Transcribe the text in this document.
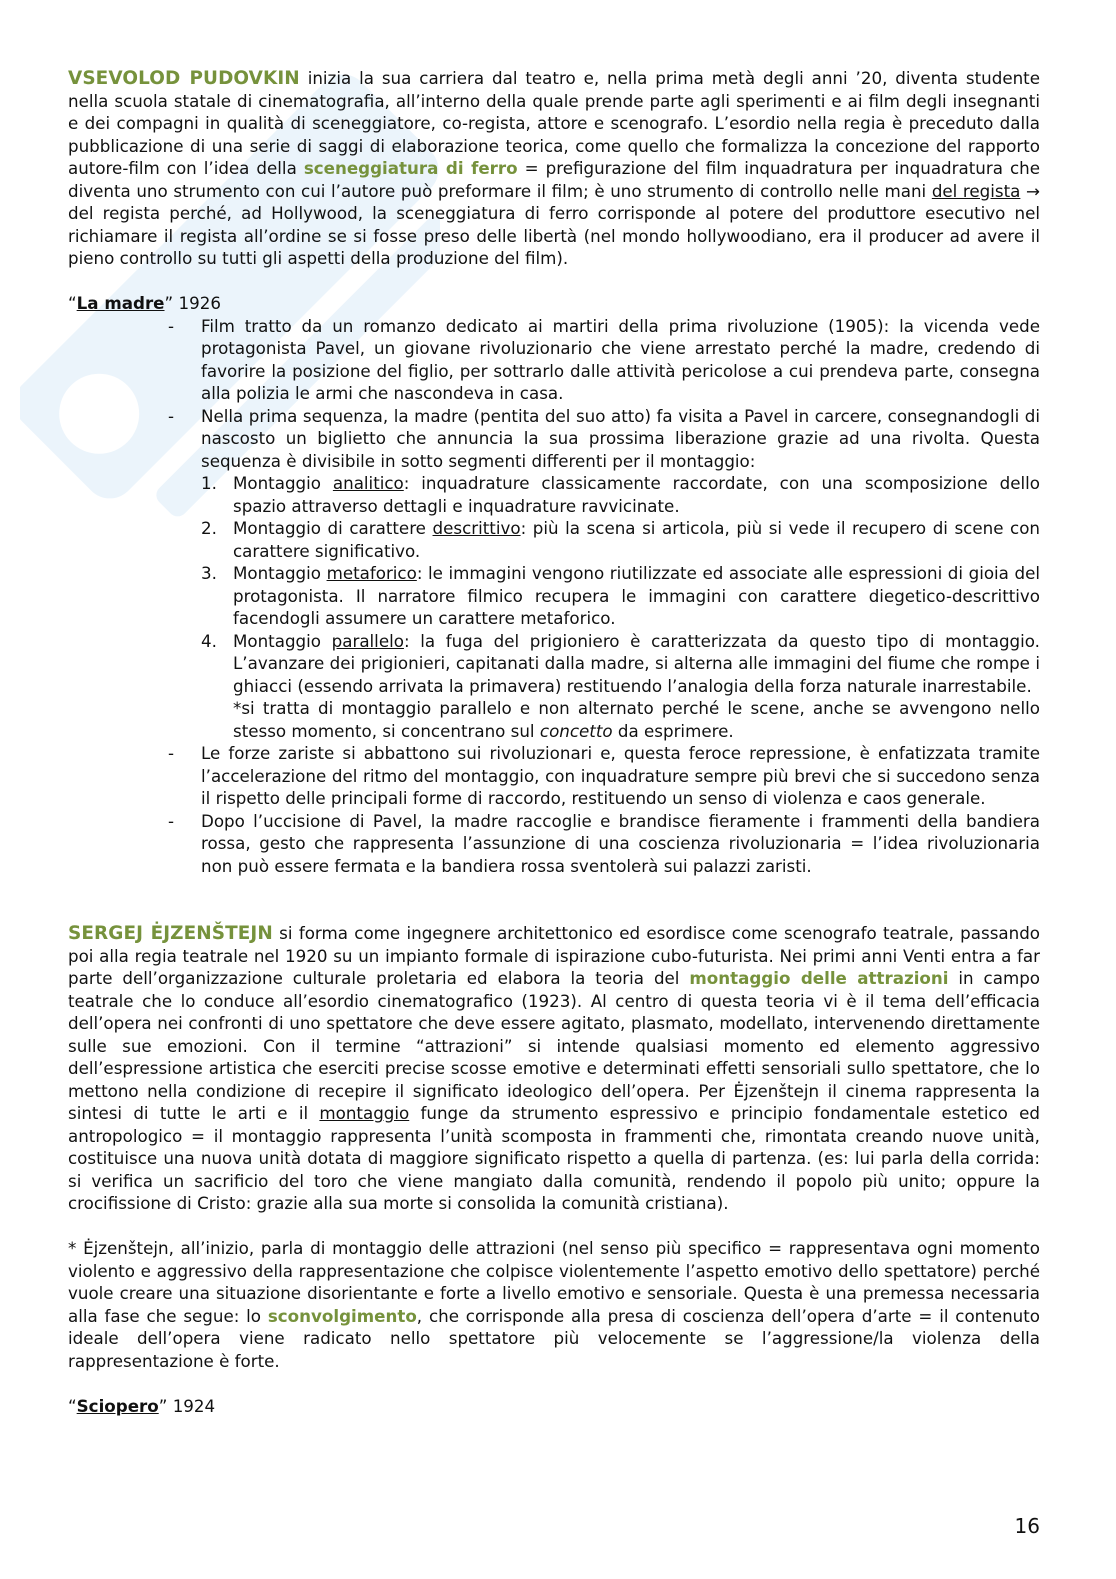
VSEVOLOD PUDOVKIN inizia la sua carriera dal teatro e, nella prima metà degli anni ’20, diventa studente nella scuola statale di cinematografia, all’interno della quale prende parte agli sperimenti e ai film degli insegnanti e dei compagni in qualità di sceneggiatore, co-regista, attore e scenografo. L’esordio nella regia è preceduto dalla pubblicazione di una serie di saggi di elaborazione teorica, come quello che formalizza la concezione del rapporto autore-film con l’idea della sceneggiatura di ferro = prefigurazione del film inquadratura per inquadratura che diventa uno strumento con cui l’autore può preformare il film; è uno strumento di controllo nelle mani del regista → del regista perché, ad Hollywood, la sceneggiatura di ferro corrisponde al potere del produttore esecutivo nel richiamare il regista all’ordine se si fosse preso delle libertà (nel mondo hollywoodiano, era il producer ad avere il pieno controllo su tutti gli aspetti della produzione del film).

“La madre” 1926

- Film tratto da un romanzo dedicato ai martiri della prima rivoluzione (1905): la vicenda vede protagonista Pavel, un giovane rivoluzionario che viene arrestato perché la madre, credendo di favorire la posizione del figlio, per sottrarlo dalle attività pericolose a cui prendeva parte, consegna alla polizia le armi che nascondeva in casa.
- Nella prima sequenza, la madre (pentita del suo atto) fa visita a Pavel in carcere, consegnandogli di nascosto un biglietto che annuncia la sua prossima liberazione grazie ad una rivolta. Questa sequenza è divisibile in sotto segmenti differenti per il montaggio:

1. Montaggio analitico: inquadrature classicamente raccordate, con una scomposizione dello spazio attraverso dettagli e inquadrature ravvicinate.
2. Montaggio di carattere descrittivo: più la scena si articola, più si vede il recupero di scene con carattere significativo.
3. Montaggio metaforico: le immagini vengono riutilizzate ed associate alle espressioni di gioia del protagonista. Il narratore filmico recupera le immagini con carattere diegetico-descrittivo facendogli assumere un carattere metaforico.
4. Montaggio parallelo: la fuga del prigioniero è caratterizzata da questo tipo di montaggio. L’avanzare dei prigionieri, capitanati dalla madre, si alterna alle immagini del fiume che rompe i ghiacci (essendo arrivata la primavera) restituendo l’analogia della forza naturale inarrestabile.

*si tratta di montaggio parallelo e non alternato perché le scene, anche se avvengono nello stesso momento, si concentrano sul concetto da esprimere.

- Le forze zariste si abbattono sui rivoluzionari e, questa feroce repressione, è enfatizzata tramite l’accelerazione del ritmo del montaggio, con inquadrature sempre più brevi che si succedono senza il rispetto delle principali forme di raccordo, restituendo un senso di violenza e caos generale.
- Dopo l’uccisione di Pavel, la madre raccoglie e brandisce fieramente i frammenti della bandiera rossa, gesto che rappresenta l’assunzione di una coscienza rivoluzionaria = l’idea rivoluzionaria non può essere fermata e la bandiera rossa sventolerà sui palazzi zaristi.

SERGEJ ĖJZENŠTEJN si forma come ingegnere architettonico ed esordisce come scenografo teatrale, passando poi alla regia teatrale nel 1920 su un impianto formale di ispirazione cubo-futurista. Nei primi anni Venti entra a far parte dell’organizzazione culturale proletaria ed elabora la teoria del montaggio delle attrazioni in campo teatrale che lo conduce all’esordio cinematografico (1923). Al centro di questa teoria vi è il tema dell’efficacia dell’opera nei confronti di uno spettatore che deve essere agitato, plasmato, modellato, intervenendo direttamente sulle sue emozioni. Con il termine “attrazioni” si intende qualsiasi momento ed elemento aggressivo dell’espressione artistica che eserciti precise scosse emotive e determinati effetti sensoriali sullo spettatore, che lo mettono nella condizione di recepire il significato ideologico dell’opera. Per Ėjzenštejn il cinema rappresenta la sintesi di tutte le arti e il montaggio funge da strumento espressivo e principio fondamentale estetico ed antropologico = il montaggio rappresenta l’unità scomposta in frammenti che, rimontata creando nuove unità, costituisce una nuova unità dotata di maggiore significato rispetto a quella di partenza. (es: lui parla della corrida: si verifica un sacrificio del toro che viene mangiato dalla comunità, rendendo il popolo più unito; oppure la crocifissione di Cristo: grazie alla sua morte si consolida la comunità cristiana).

* Ėjzenštejn, all’inizio, parla di montaggio delle attrazioni (nel senso più specifico = rappresentava ogni momento violento e aggressivo della rappresentazione che colpisce violentemente l’aspetto emotivo dello spettatore) perché vuole creare una situazione disorientante e forte a livello emotivo e sensoriale. Questa è una premessa necessaria alla fase che segue: lo sconvolgimento, che corrisponde alla presa di coscienza dell’opera d’arte = il contenuto ideale dell’opera viene radicato nello spettatore più velocemente se l’aggressione/la violenza della rappresentazione è forte.

“Sciopero” 1924

16
